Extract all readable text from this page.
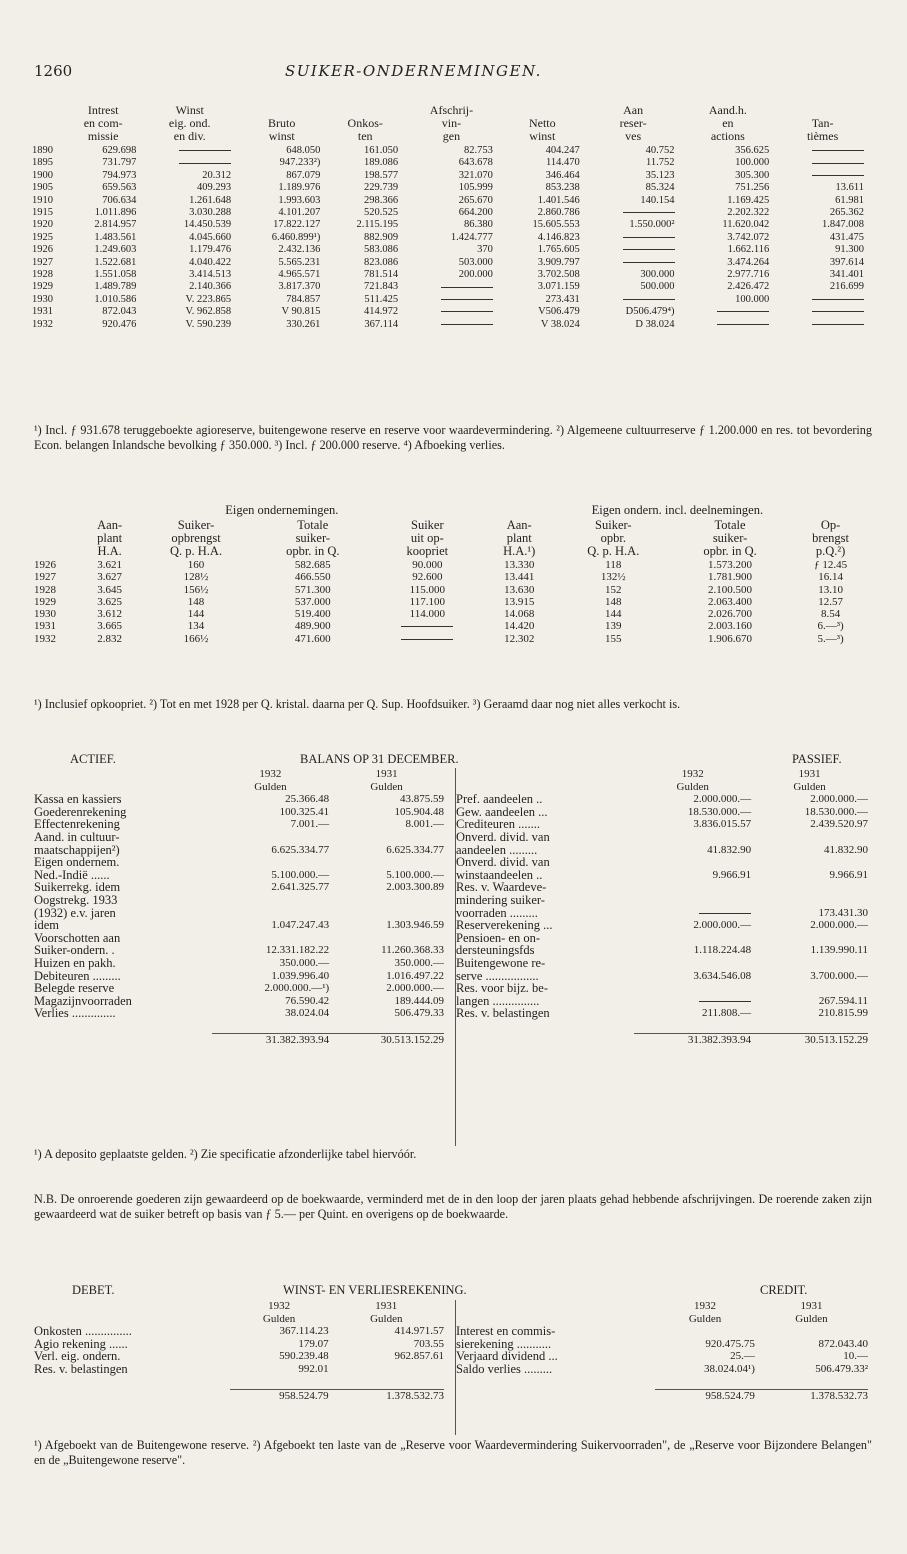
1260	SUIKER-ONDERNEMINGEN.
	Intrest
en com-
missie	Winst
eig. ond.
en div.	Bruto
winst	Onkos-
ten	Afschrij-
vin-
gen	Netto
winst	Aan
reser-
ves	Aand.h.
en
actions	Tan-
tièmes
1890	629.698		648.050	161.050	82.753	404.247	40.752	356.625	
1895	731.797		947.233²)	189.086	643.678	114.470	11.752	100.000	
1900	794.973	20.312	867.079	198.577	321.070	346.464	35.123	305.300	
1905	659.563	409.293	1.189.976	229.739	105.999	853.238	85.324	751.256	13.611
1910	706.634	1.261.648	1.993.603	298.366	265.670	1.401.546	140.154	1.169.425	61.981
1915	1.011.896	3.030.288	4.101.207	520.525	664.200	2.860.786		2.202.322	265.362
1920	2.814.957	14.450.539	17.822.127	2.115.195	86.380	15.605.553	1.550.000²	11.620.042	1.847.008
1925	1.483.561	4.045.660	6.460.899¹)	882.909	1.424.777	4.146.823		3.742.072	431.475
1926	1.249.603	1.179.476	2.432.136	583.086	370	1.765.605		1.662.116	91.300
1927	1.522.681	4.040.422	5.565.231	823.086	503.000	3.909.797		3.474.264	397.614
1928	1.551.058	3.414.513	4.965.571	781.514	200.000	3.702.508	300.000	2.977.716	341.401
1929	1.489.789	2.140.366	3.817.370	721.843		3.071.159	500.000	2.426.472	216.699
1930	1.010.586	V. 223.865	784.857	511.425		273.431		100.000	
1931	872.043	V. 962.858	V 90.815	414.972		V506.479	D506.479⁴)		
1932	920.476	V. 590.239	330.261	367.114		V 38.024	D 38.024		
¹) Incl. ƒ 931.678 teruggeboekte agioreserve, buitengewone reserve en reserve voor waardevermindering. ²) Algemeene cultuurreserve ƒ 1.200.000 en res. tot bevordering Econ. belangen Inlandsche bevolking ƒ 350.000. ³) Incl. ƒ 200.000 reserve. ⁴) Afboeking verlies.
	Eigen ondernemingen.				Eigen ondern. incl. deelnemingen.			
	Aan-
plant
H.A.	Suiker-
opbrengst
Q. p. H.A.	Totale
suiker-
opbr. in Q.	Suiker
uit op-
koopriet	Aan-
plant
H.A.¹)	Suiker-
opbr.
Q. p. H.A.	Totale
suiker-
opbr. in Q.	Op-
brengst
p.Q.²)
1926	3.621	160	582.685	90.000	13.330	118	1.573.200	ƒ 12.45
1927	3.627	128½	466.550	92.600	13.441	132½	1.781.900	16.14
1928	3.645	156½	571.300	115.000	13.630	152	2.100.500	13.10
1929	3.625	148	537.000	117.100	13.915	148	2.063.400	12.57
1930	3.612	144	519.400	114.000	14.068	144	2.026.700	8.54
1931	3.665	134	489.900		14.420	139	2.003.160	6.—³)
1932	2.832	166½	471.600		12.302	155	1.906.670	5.—³)
¹) Inclusief opkoopriet. ²) Tot en met 1928 per Q. kristal. daarna per Q. Sup. Hoofdsuiker. ³) Geraamd daar nog niet alles verkocht is.
ACTIEF.	BALANS OP 31 DECEMBER.	PASSIEF.
	1932	1931
	Gulden	Gulden
Kassa en kassiers	25.366.48	43.875.59
Goederenrekening	100.325.41	105.904.48
Effectenrekening	7.001.—	8.001.—
Aand. in cultuur-		
maatschappijen²)	6.625.334.77	6.625.334.77
Eigen ondernem.		
Ned.-Indië ......	5.100.000.—	5.100.000.—
Suikerrekg. idem	2.641.325.77	2.003.300.89
Oogstrekg. 1933		
(1932) e.v. jaren		
idem	1.047.247.43	1.303.946.59
Voorschotten aan		
Suiker-ondern. .	12.331.182.22	11.260.368.33
Huizen en pakh.	350.000.—	350.000.—
Debiteuren .........	1.039.996.40	1.016.497.22
Belegde reserve	2.000.000.—¹)	2.000.000.—
Magazijnvoorraden	76.590.42	189.444.09
Verlies ..............	38.024.04	506.479.33

	31.382.393.94	30.513.152.29
	1932	1931
	Gulden	Gulden
Pref. aandeelen ..	2.000.000.—	2.000.000.—
Gew. aandeelen ...	18.530.000.—	18.530.000.—
Crediteuren .......	3.836.015.57	2.439.520.97
Onverd. divid. van		
aandeelen .........	41.832.90	41.832.90
Onverd. divid. van		
winstaandeelen ..	9.966.91	9.966.91
Res. v. Waardeve-		
mindering suiker-		
voorraden .........		173.431.30
Reserverekening ...	2.000.000.—	2.000.000.—
Pensioen- en on-		
dersteuningsfds	1.118.224.48	1.139.990.11
Buitengewone re-		
serve .................	3.634.546.08	3.700.000.—
Res. voor bijz. be-		
langen ...............		267.594.11
Res. v. belastingen	211.808.—	210.815.99

	31.382.393.94	30.513.152.29
¹) A deposito geplaatste gelden. ²) Zie specificatie afzonderlijke tabel hiervóór.
N.B. De onroerende goederen zijn gewaardeerd op de boekwaarde, verminderd met de in den loop der jaren plaats gehad hebbende afschrijvingen. De roerende zaken zijn gewaardeerd wat de suiker betreft op basis van ƒ 5.— per Quint. en overigens op de boekwaarde.
DEBET.	WINST- EN VERLIESREKENING.	CREDIT.
	1932	1931
	Gulden	Gulden
Onkosten ...............	367.114.23	414.971.57
Agio rekening ......	179.07	703.55
Verl. eig. ondern.	590.239.48	962.857.61
Res. v. belastingen	992.01	

	958.524.79	1.378.532.73
	1932	1931
	Gulden	Gulden
Interest en commis-		
sierekening ...........	920.475.75	872.043.40
Verjaard dividend ...	25.—	10.—
Saldo verlies .........	38.024.04¹)	506.479.33²

	958.524.79	1.378.532.73
¹) Afgeboekt van de Buitengewone reserve. ²) Afgeboekt ten laste van de „Reserve voor Waardevermindering Suikervoorraden", de „Reserve voor Bijzondere Belangen" en de „Buitengewone reserve".
